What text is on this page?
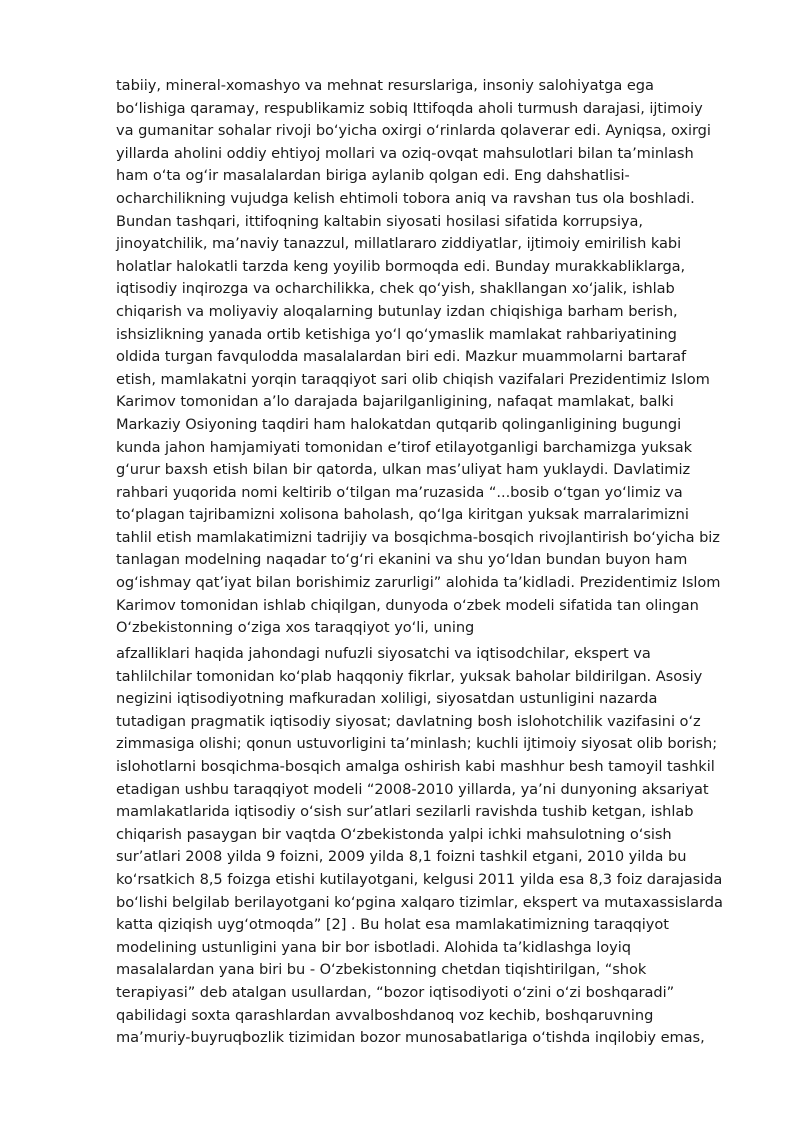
tabiiy, mineral-xomashyo va mehnat resurslariga, insoniy salohiyatga ega
bo‘lishiga qaramay, respublikamiz sobiq Ittifoqda aholi turmush darajasi, ijtimoiy
va gumanitar sohalar rivoji bo‘yicha oxirgi o‘rinlarda qolaverar edi. Ayniqsa, oxirgi
yillarda aholini oddiy ehtiyoj mollari va oziq-ovqat mahsulotlari bilan ta’minlash
ham o‘ta og‘ir masalalardan biriga aylanib qolgan edi. Eng dahshatlisi-
ocharchilikning vujudga kelish ehtimoli tobora aniq va ravshan tus ola boshladi.
Bundan tashqari, ittifoqning kaltabin siyosati hosilasi sifatida korrupsiya,
jinoyatchilik, ma’naviy tanazzul, millatlararo ziddiyatlar, ijtimoiy emirilish kabi
holatlar halokatli tarzda keng yoyilib bormoqda edi. Bunday murakkabliklarga,
iqtisodiy inqirozga va ocharchilikka, chek qo‘yish, shakllangan xo‘jalik, ishlab
chiqarish va moliyaviy aloqalarning butunlay izdan chiqishiga barham berish,
ishsizlikning yanada ortib ketishiga yo‘l qo‘ymaslik mamlakat rahbariyatining
oldida turgan favqulodda masalalardan biri edi. Mazkur muammolarni bartaraf
etish, mamlakatni yorqin taraqqiyot sari olib chiqish vazifalari Prezidentimiz Islom
Karimov tomonidan a’lo darajada bajarilganligining, nafaqat mamlakat, balki
Markaziy Osiyoning taqdiri ham halokatdan qutqarib qolinganligining bugungi
kunda jahon hamjamiyati tomonidan e’tirof etilayotganligi barchamizga yuksak
g‘urur baxsh etish bilan bir qatorda, ulkan mas’uliyat ham yuklaydi. Davlatimiz
rahbari yuqorida nomi keltirib o‘tilgan ma’ruzasida “...bosib o‘tgan yo‘limiz va
to‘plagan tajribamizni xolisona baholash, qo‘lga kiritgan yuksak marralarimizni
tahlil etish mamlakatimizni tadrijiy va bosqichma-bosqich rivojlantirish bo‘yicha biz
tanlagan modelning naqadar to‘g‘ri ekanini va shu yo‘ldan bundan buyon ham
og‘ishmay qat’iyat bilan borishimiz zarurligi” alohida ta’kidladi. Prezidentimiz Islom
Karimov tomonidan ishlab chiqilgan, dunyoda o‘zbek modeli sifatida tan olingan
O‘zbekistonning o‘ziga xos taraqqiyot yo‘li, uning

afzalliklari haqida jahondagi nufuzli siyosatchi va iqtisodchilar, ekspert va
tahlilchilar tomonidan ko‘plab haqqoniy fikrlar, yuksak baholar bildirilgan. Asosiy
negizini iqtisodiyotning mafkuradan xoliligi, siyosatdan ustunligini nazarda
tutadigan pragmatik iqtisodiy siyosat; davlatning bosh islohotchilik vazifasini o‘z
zimmasiga olishi; qonun ustuvorligini ta’minlash; kuchli ijtimoiy siyosat olib borish;
islohotlarni bosqichma-bosqich amalga oshirish kabi mashhur besh tamoyil tashkil
etadigan ushbu taraqqiyot modeli “2008-2010 yillarda, ya’ni dunyoning aksariyat
mamlakatlarida iqtisodiy o‘sish sur’atlari sezilarli ravishda tushib ketgan, ishlab
chiqarish pasaygan bir vaqtda O‘zbekistonda yalpi ichki mahsulotning o‘sish
sur’atlari 2008 yilda 9 foizni, 2009 yilda 8,1 foizni tashkil etgani, 2010 yilda bu
ko‘rsatkich 8,5 foizga etishi kutilayotgani, kelgusi 2011 yilda esa 8,3 foiz darajasida
bo‘lishi belgilab berilayotgani ko‘pgina xalqaro tizimlar, ekspert va mutaxassislarda
katta qiziqish uyg‘otmoqda” [2] . Bu holat esa mamlakatimizning taraqqiyot
modelining ustunligini yana bir bor isbotladi. Alohida ta’kidlashga loyiq
masalalardan yana biri bu - O‘zbekistonning chetdan tiqishtirilgan, “shok
terapiyasi” deb atalgan usullardan, “bozor iqtisodiyoti o‘zini o‘zi boshqaradi”
qabilidagi soxta qarashlardan avvalboshdanoq voz kechib, boshqaruvning
ma’muriy-buyruqbozlik tizimidan bozor munosabatlariga o‘tishda inqilobiy emas,
